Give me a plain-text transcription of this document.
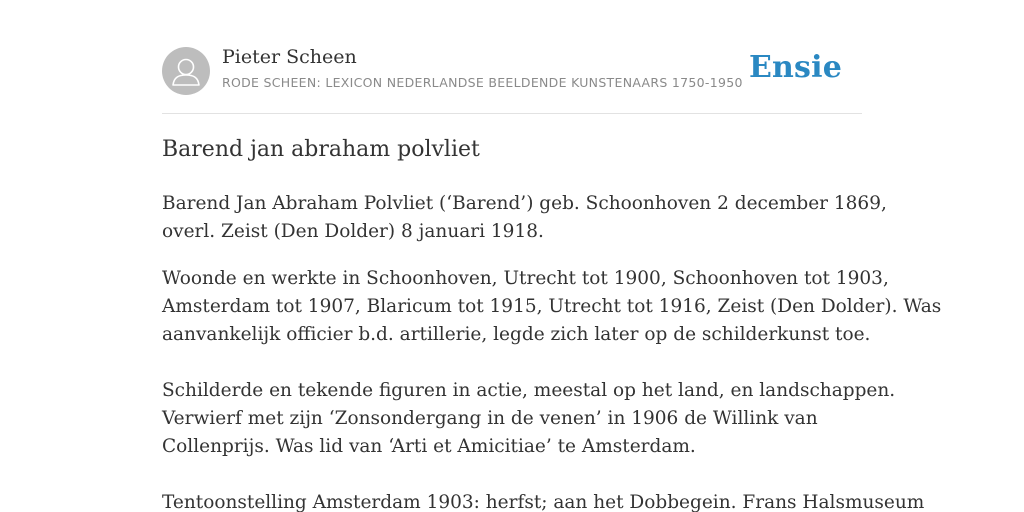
Pieter Scheen
RODE SCHEEN: LEXICON NEDERLANDSE BEELDENDE KUNSTENAARS 1750-1950 Ensie
Barend jan abraham polvliet
Barend Jan Abraham Polvliet (‘Barend’) geb. Schoonhoven 2 december 1869,
overl. Zeist (Den Dolder) 8 januari 1918.
Woonde en werkte in Schoonhoven, Utrecht tot 1900, Schoonhoven tot 1903,
Amsterdam tot 1907, Blaricum tot 1915, Utrecht tot 1916, Zeist (Den Dolder). Was
aanvankelijk officier b.d. artillerie, legde zich later op de schilderkunst toe.
Schilderde en tekende figuren in actie, meestal op het land, en landschappen.
Verwierf met zijn ‘Zonsondergang in de venen’ in 1906 de Willink van
Collenprijs. Was lid van ‘Arti et Amicitiae’ te Amsterdam.
Tentoonstelling Amsterdam 1903: herfst; aan het Dobbegein. Frans Halsmuseum
